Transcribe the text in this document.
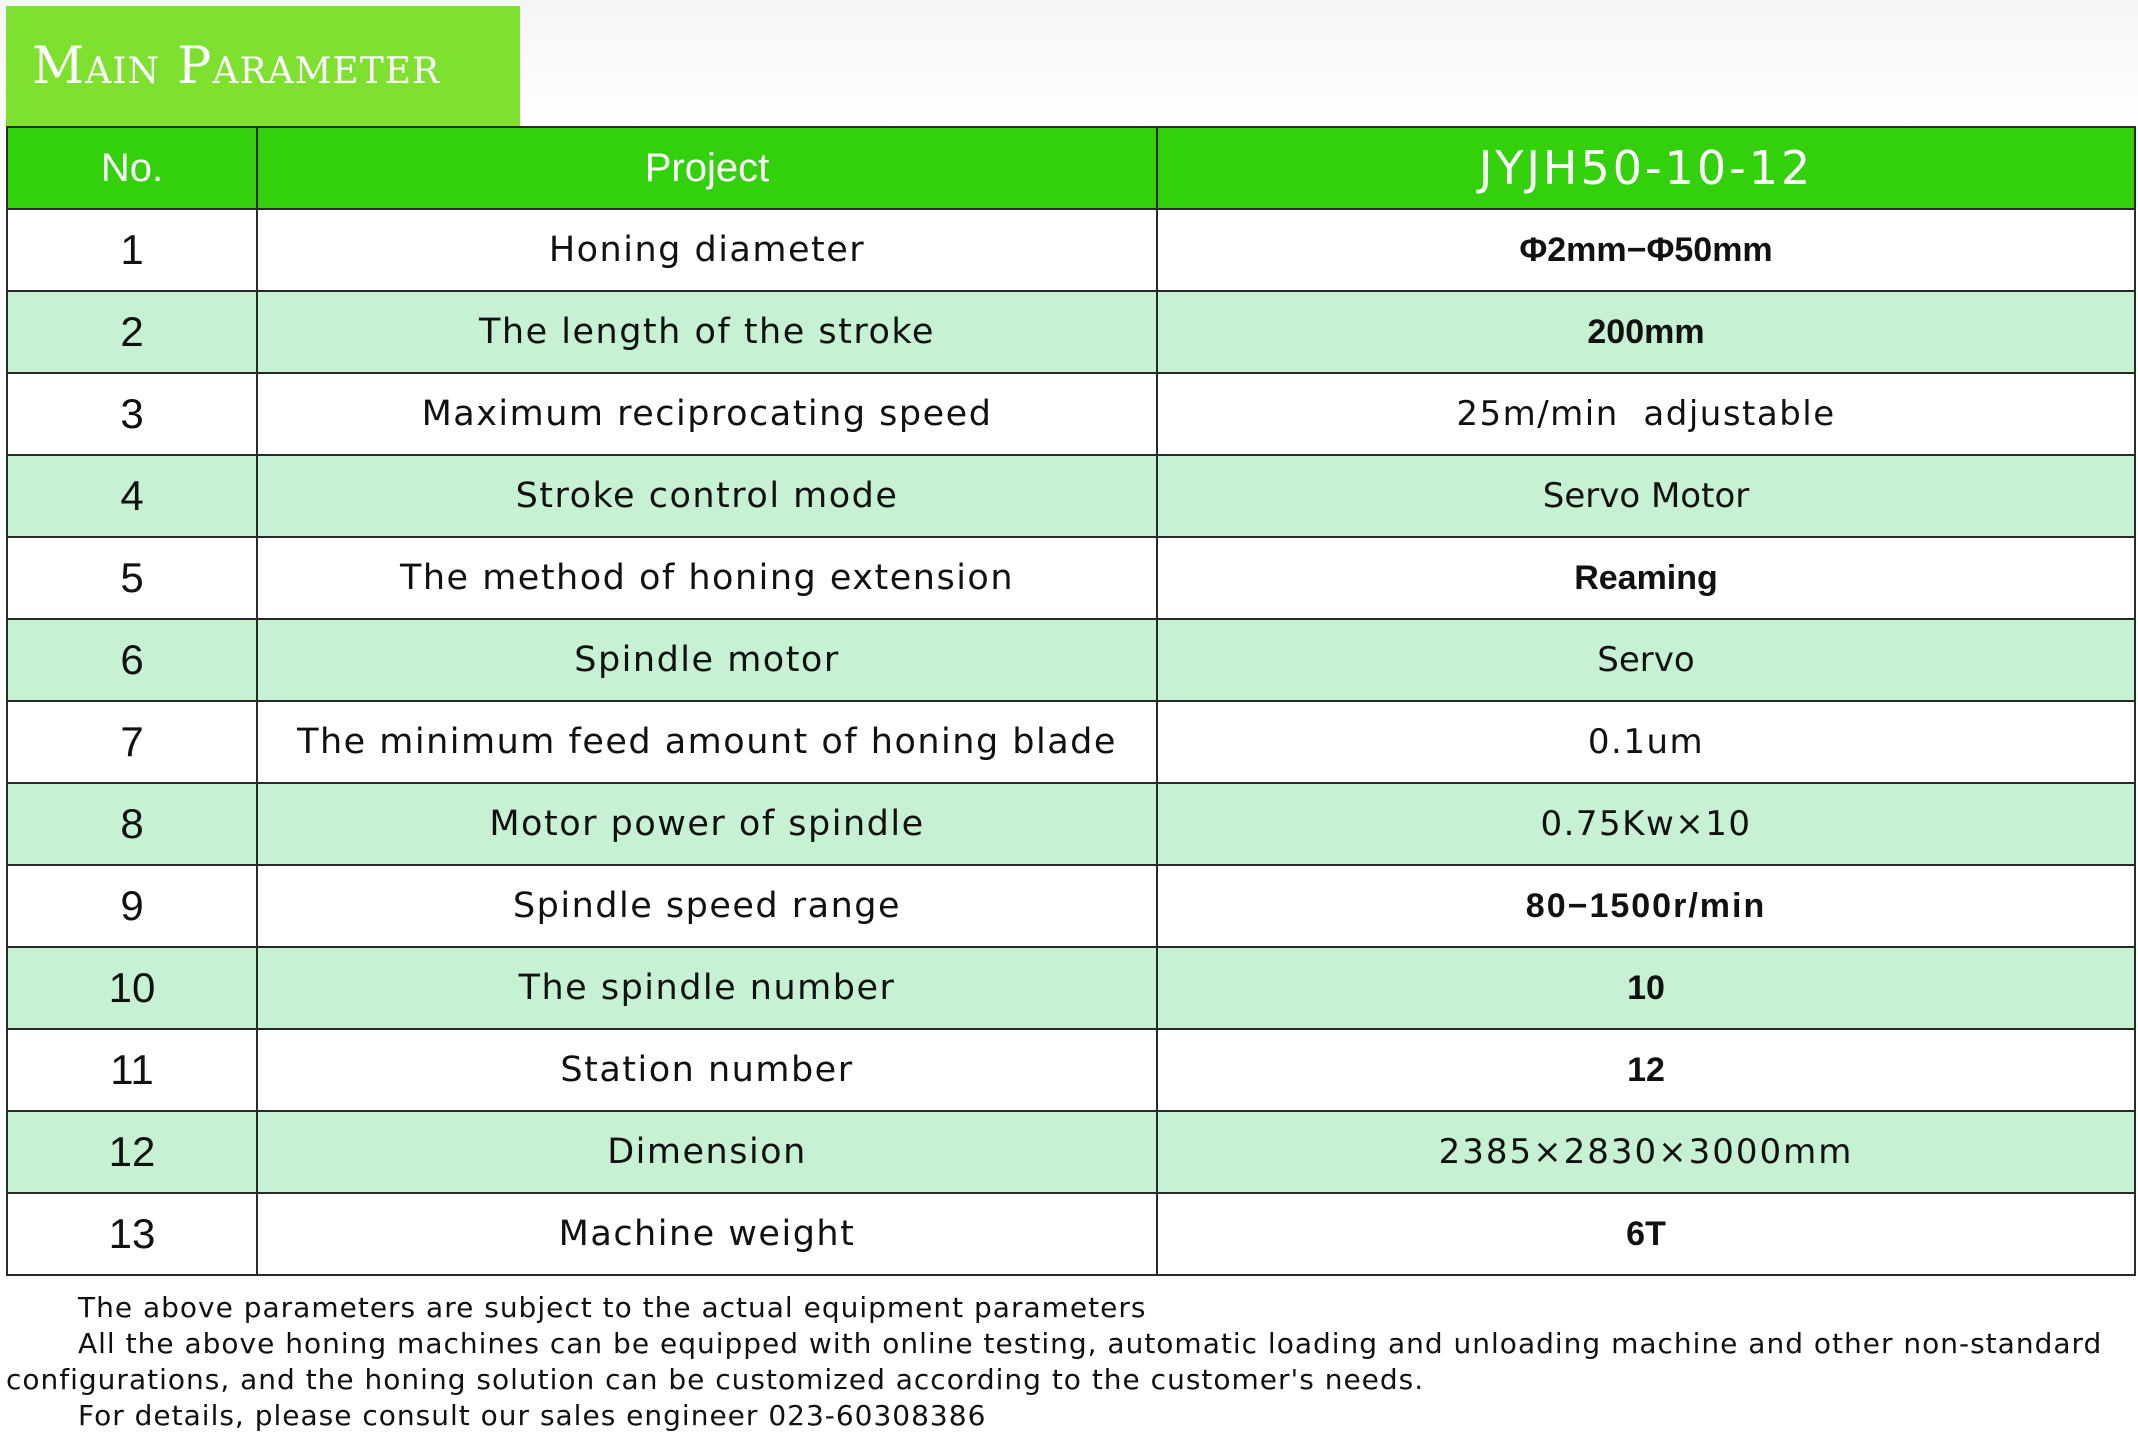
Main Parameter
No.	Project	JYJH50-10-12
1	Honing diameter	Φ2mm−Φ50mm
2	The length of the stroke	200mm
3	Maximum reciprocating speed	25m/min  adjustable
4	Stroke control mode	Servo Motor
5	The method of honing extension	Reaming
6	Spindle motor	Servo
7	The minimum feed amount of honing blade	0.1um
8	Motor power of spindle	0.75Kw×10
9	Spindle speed range	80−1500r/min
10	The spindle number	10
11	Station number	12
12	Dimension	2385×2830×3000mm
13	Machine weight	6T
The above parameters are subject to the actual equipment parameters
All the above honing machines can be equipped with online testing, automatic loading and unloading machine and other non-standard
configurations, and the honing solution can be customized according to the customer's needs.
For details, please consult our sales engineer 023-60308386
